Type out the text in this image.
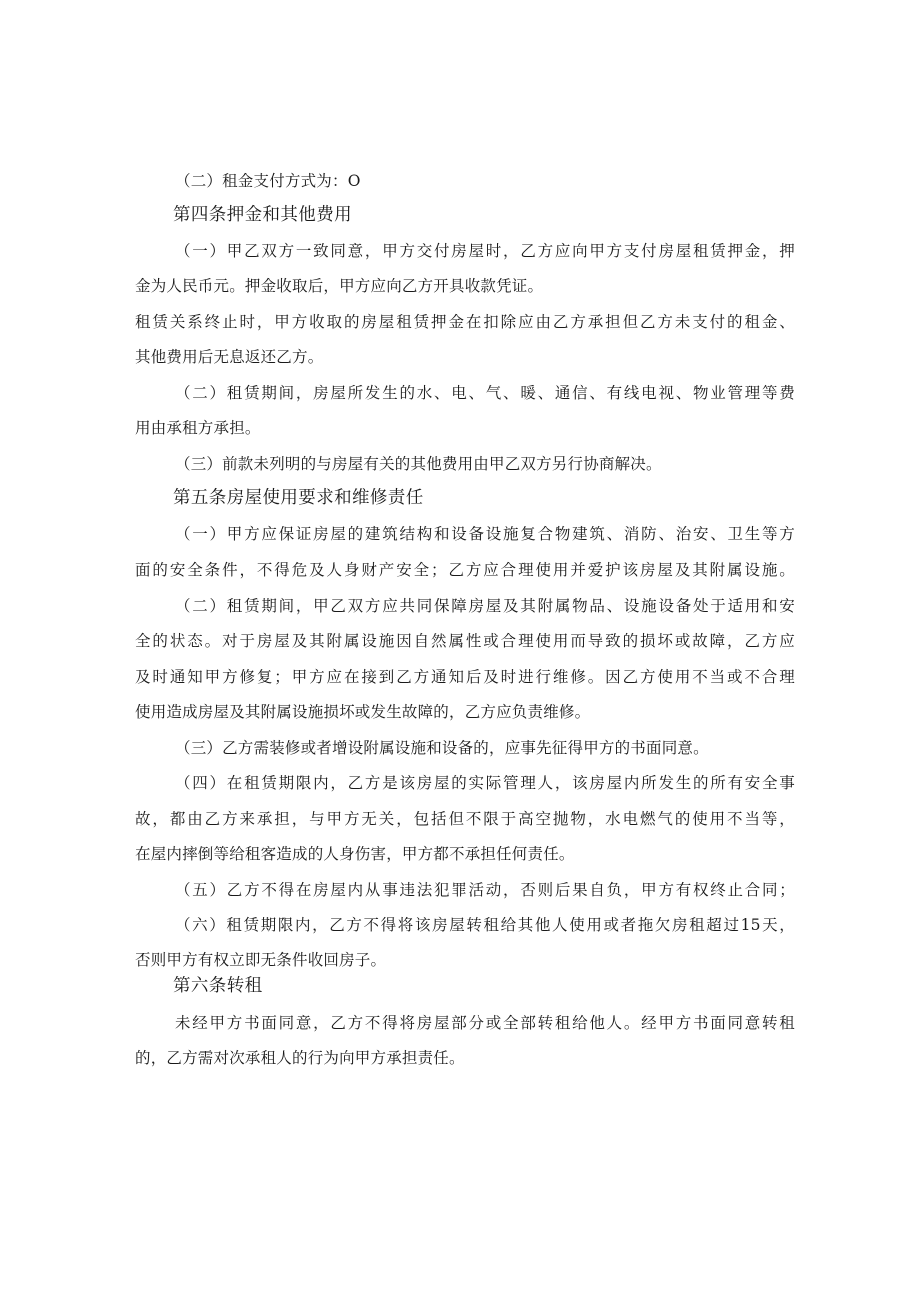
（二）租金支付方式为：O
第四条押金和其他费用
（一）甲乙双方一致同意，甲方交付房屋时，乙方应向甲方支付房屋租赁押金，押
金为人民币元。押金收取后，甲方应向乙方开具收款凭证。
租赁关系终止时，甲方收取的房屋租赁押金在扣除应由乙方承担但乙方未支付的租金、
其他费用后无息返还乙方。
（二）租赁期间，房屋所发生的水、电、气、暖、通信、有线电视、物业管理等费
用由承租方承担。
（三）前款未列明的与房屋有关的其他费用由甲乙双方另行协商解决。
第五条房屋使用要求和维修责任
（一）甲方应保证房屋的建筑结构和设备设施复合物建筑、消防、治安、卫生等方
面的安全条件，不得危及人身财产安全；乙方应合理使用并爱护该房屋及其附属设施。
（二）租赁期间，甲乙双方应共同保障房屋及其附属物品、设施设备处于适用和安
全的状态。对于房屋及其附属设施因自然属性或合理使用而导致的损坏或故障，乙方应
及时通知甲方修复；甲方应在接到乙方通知后及时进行维修。因乙方使用不当或不合理
使用造成房屋及其附属设施损坏或发生故障的，乙方应负责维修。
（三）乙方需装修或者增设附属设施和设备的，应事先征得甲方的书面同意。
（四）在租赁期限内，乙方是该房屋的实际管理人，该房屋内所发生的所有安全事
故，都由乙方来承担，与甲方无关，包括但不限于高空抛物，水电燃气的使用不当等，
在屋内摔倒等给租客造成的人身伤害，甲方都不承担任何责任。
（五）乙方不得在房屋内从事违法犯罪活动，否则后果自负，甲方有权终止合同；
（六）租赁期限内，乙方不得将该房屋转租给其他人使用或者拖欠房租超过15天，
否则甲方有权立即无条件收回房子。
第六条转租
未经甲方书面同意，乙方不得将房屋部分或全部转租给他人。经甲方书面同意转租
的，乙方需对次承租人的行为向甲方承担责任。
